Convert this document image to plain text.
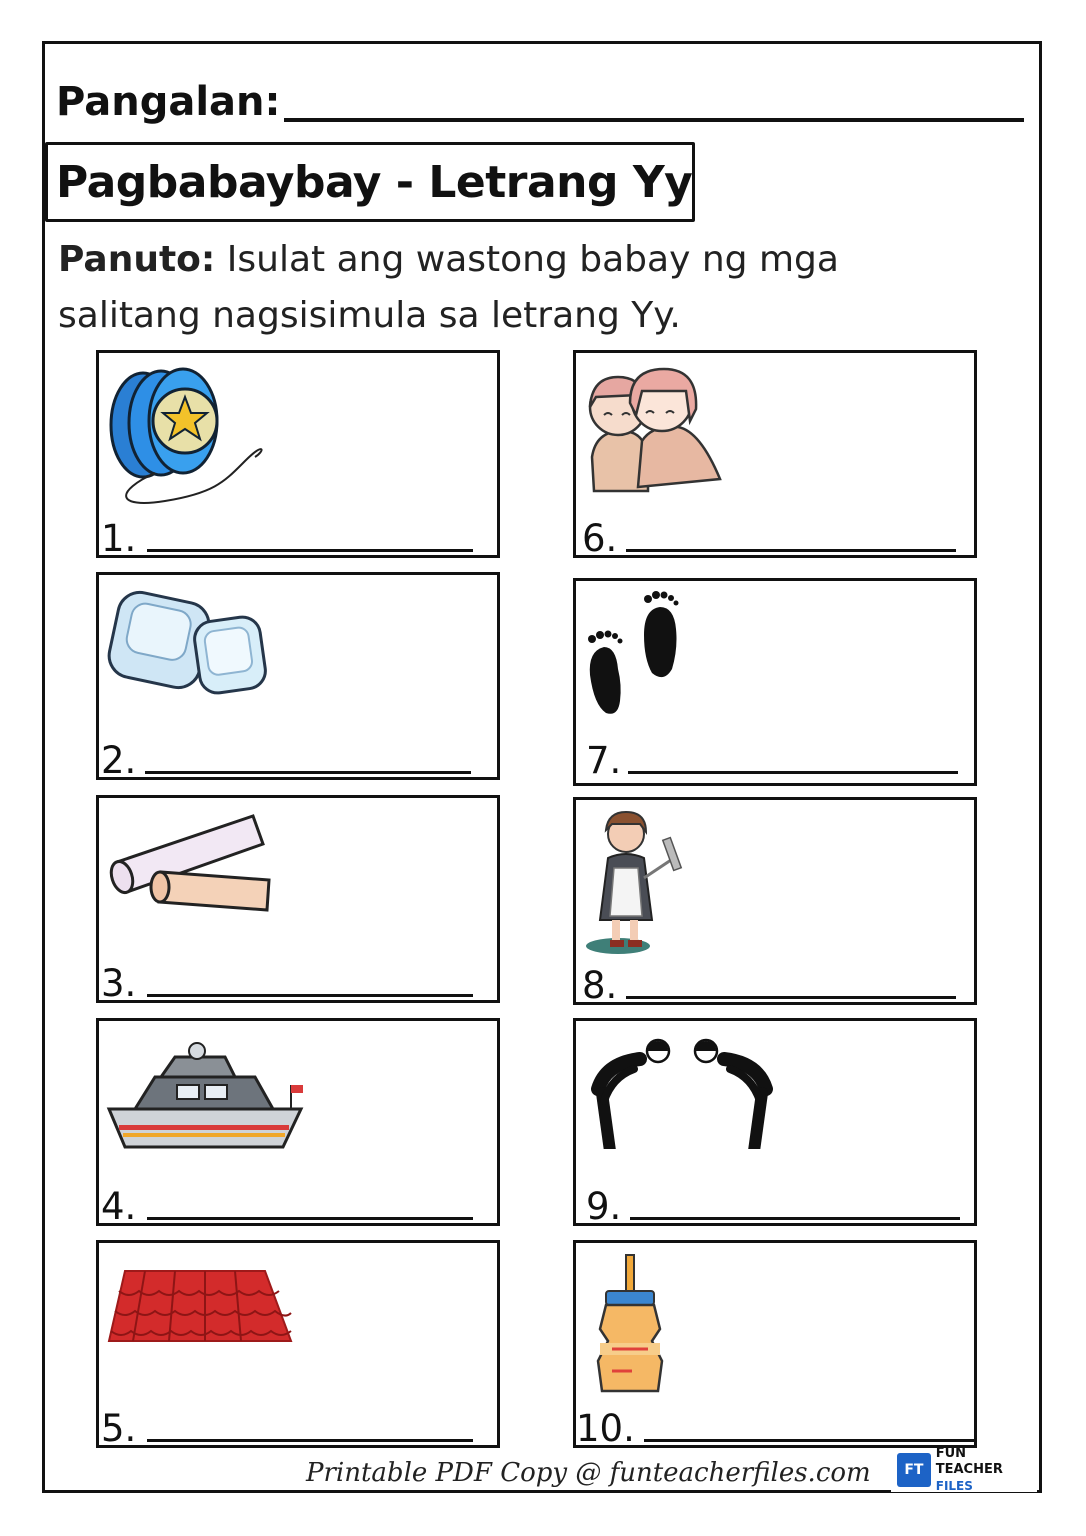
Pangalan:
Pagbabaybay - Letrang Yy
Panuto: Isulat ang wastong babay ng mga
salitang nagsisimula sa letrang Yy.
1.
2.
3.
4.
5.
6.
7.
8.
9.
10.
Printable PDF Copy @ funteacherfiles.com	FT
FUN TEACHER
FILES
